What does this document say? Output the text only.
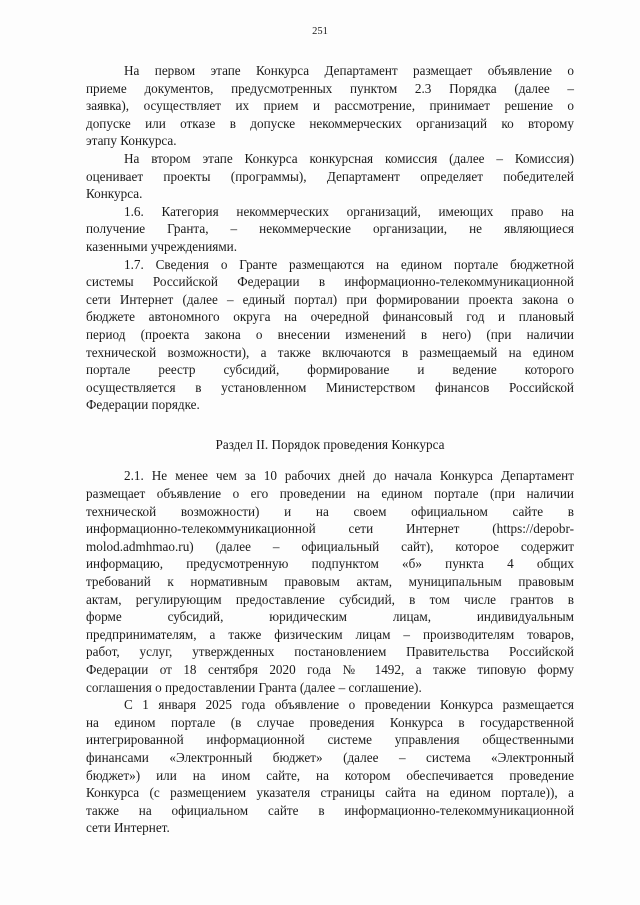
251
На первом этапе Конкурса Департамент размещает объявление о
приеме документов, предусмотренных пунктом 2.3 Порядка (далее –
заявка), осуществляет их прием и рассмотрение, принимает решение о
допуске или отказе в допуске некоммерческих организаций ко второму
этапу Конкурса.
На втором этапе Конкурса конкурсная комиссия (далее – Комиссия)
оценивает проекты (программы), Департамент определяет победителей
Конкурса.
1.6. Категория некоммерческих организаций, имеющих право на
получение Гранта, – некоммерческие организации, не являющиеся
казенными учреждениями.
1.7. Сведения о Гранте размещаются на едином портале бюджетной
системы Российской Федерации в информационно-телекоммуникационной
сети Интернет (далее – единый портал) при формировании проекта закона о
бюджете автономного округа на очередной финансовый год и плановый
период (проекта закона о внесении изменений в него) (при наличии
технической возможности), а также включаются в размещаемый на едином
портале реестр субсидий, формирование и ведение которого
осуществляется в установленном Министерством финансов Российской
Федерации порядке.
Раздел II. Порядок проведения Конкурса
2.1. Не менее чем за 10 рабочих дней до начала Конкурса Департамент
размещает объявление о его проведении на едином портале (при наличии
технической возможности) и на своем официальном сайте в
информационно-телекоммуникационной сети Интернет (https://depobr-
molod.admhmao.ru) (далее – официальный сайт), которое содержит
информацию, предусмотренную подпунктом «б» пункта 4 общих
требований к нормативным правовым актам, муниципальным правовым
актам, регулирующим предоставление субсидий, в том числе грантов в
форме субсидий, юридическим лицам, индивидуальным
предпринимателям, а также физическим лицам – производителям товаров,
работ, услуг, утвержденных постановлением Правительства Российской
Федерации от 18 сентября 2020 года № 1492, а также типовую форму
соглашения о предоставлении Гранта (далее – соглашение).
С 1 января 2025 года объявление о проведении Конкурса размещается
на едином портале (в случае проведения Конкурса в государственной
интегрированной информационной системе управления общественными
финансами «Электронный бюджет» (далее – система «Электронный
бюджет») или на ином сайте, на котором обеспечивается проведение
Конкурса (с размещением указателя страницы сайта на едином портале)), а
также на официальном сайте в информационно-телекоммуникационной
сети Интернет.
